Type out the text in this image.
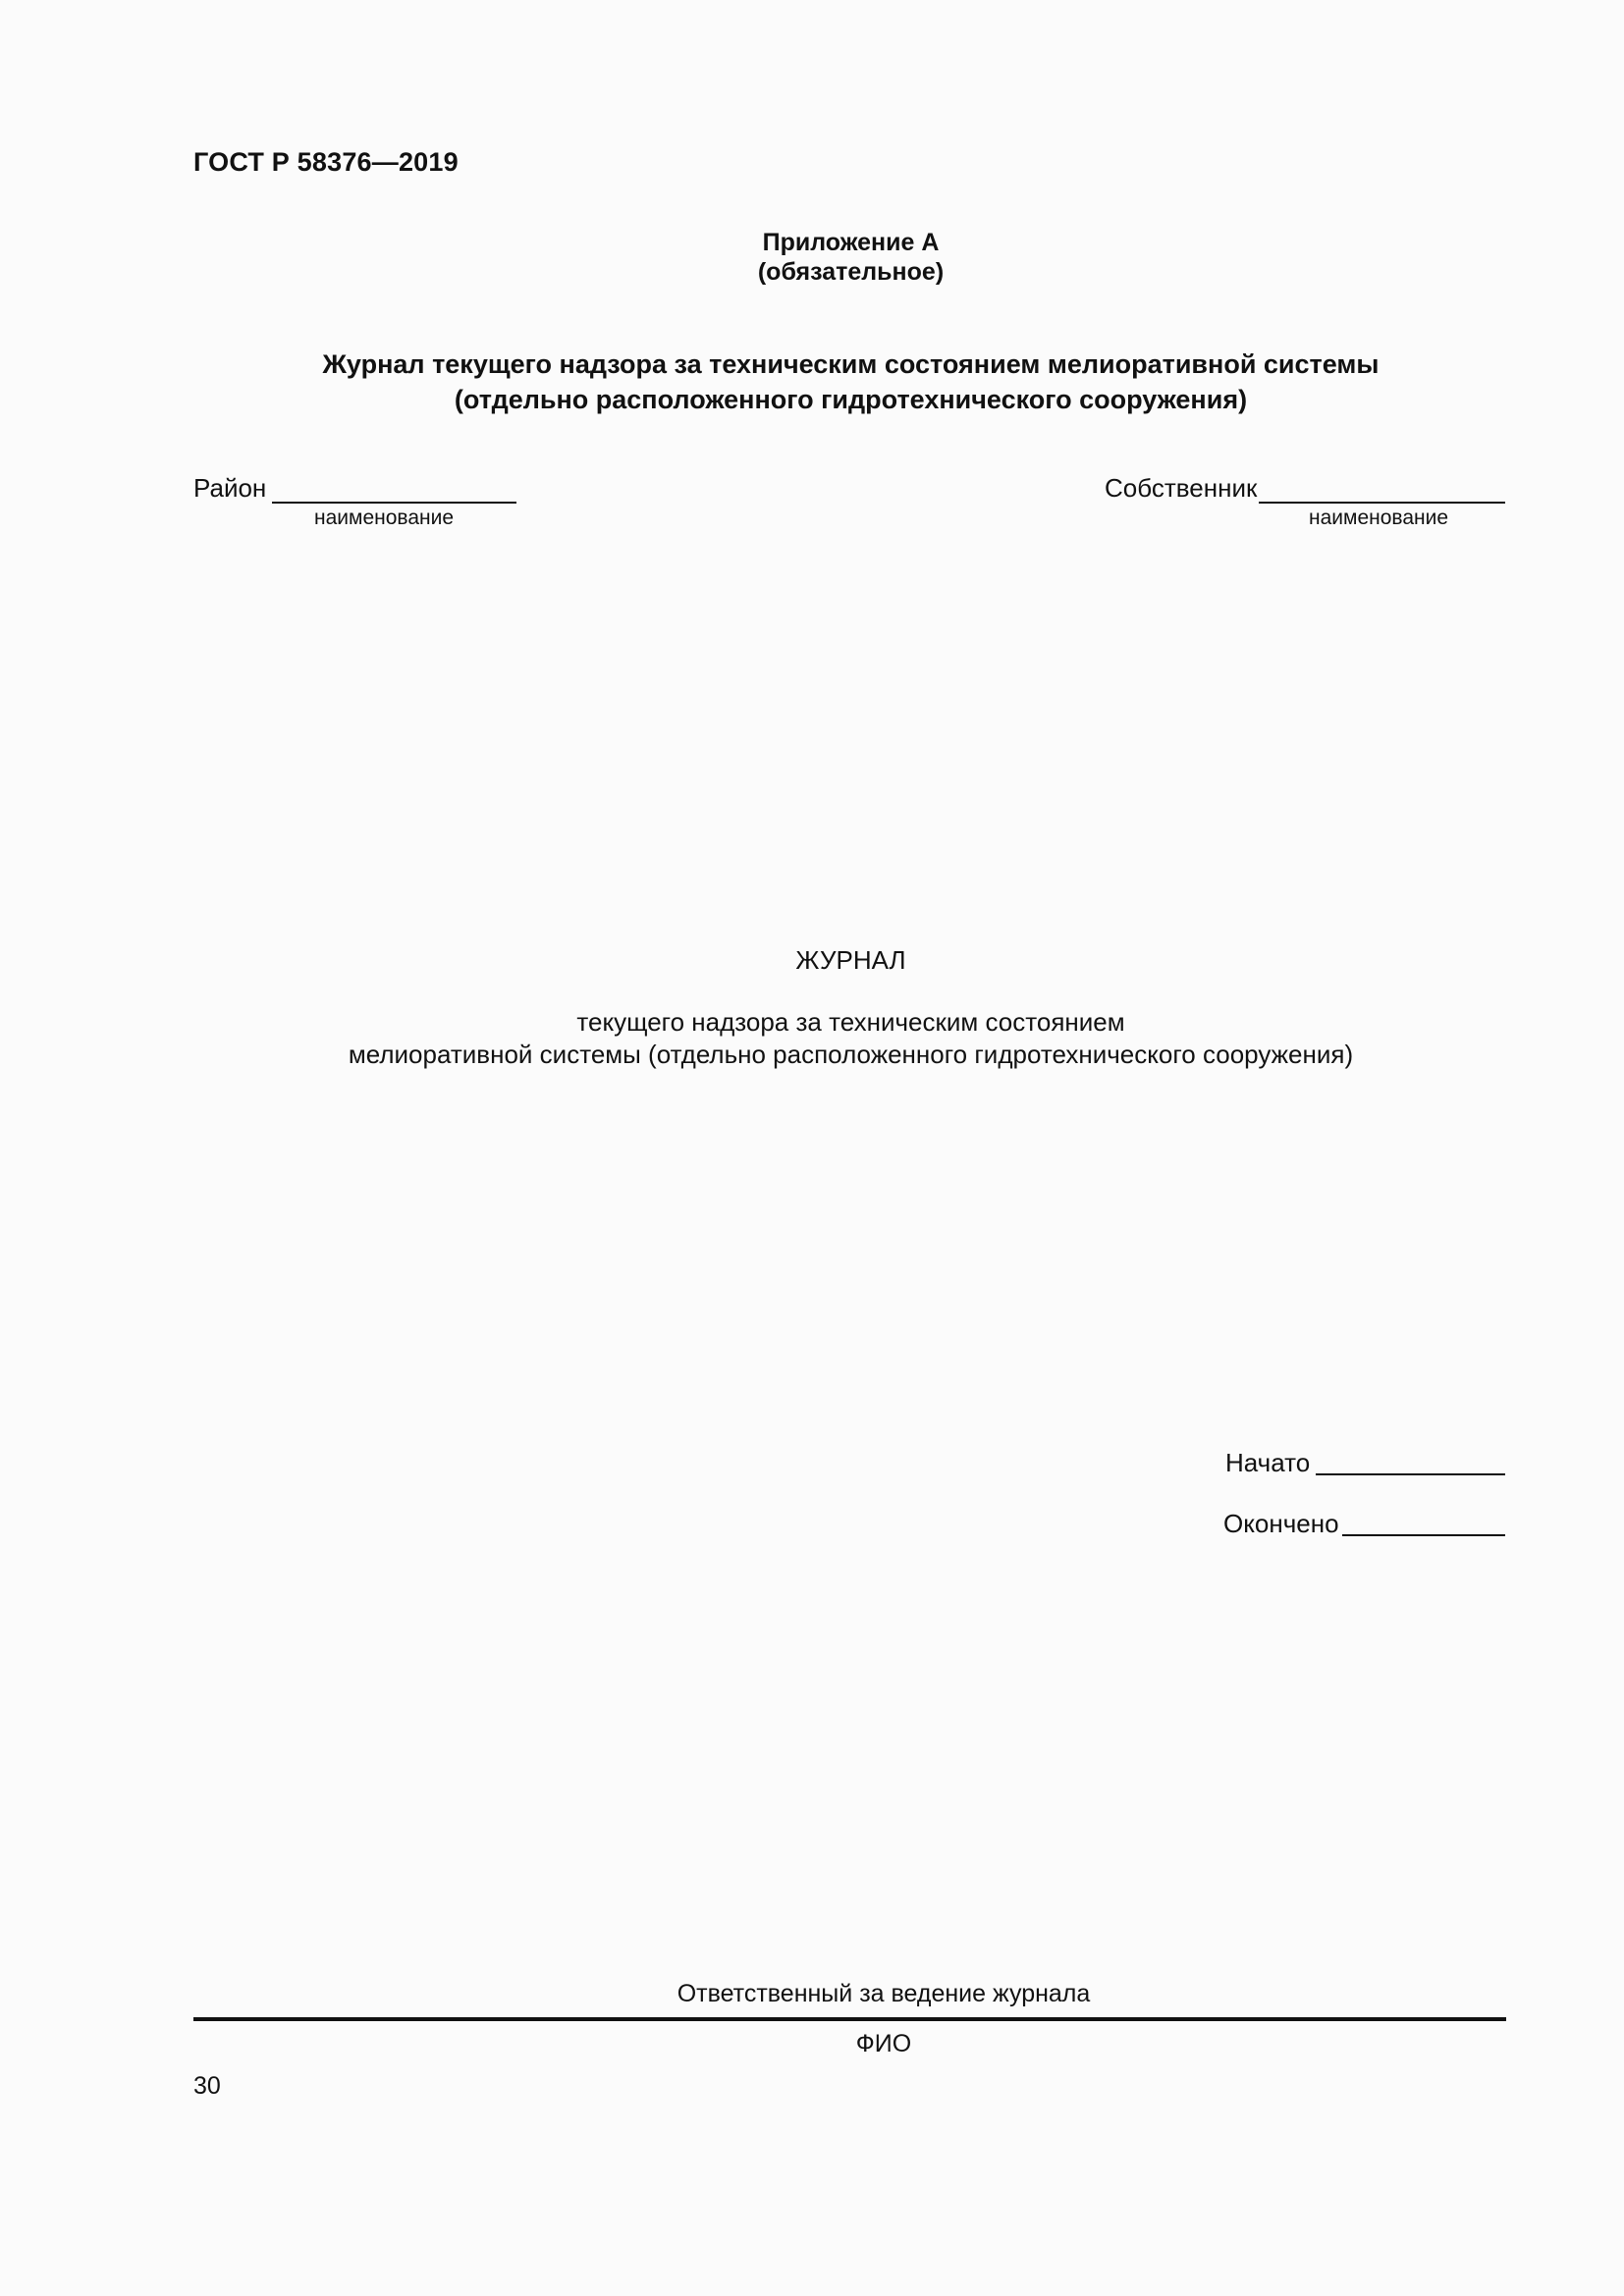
ГОСТ Р 58376—2019
Приложение А
(обязательное)
Журнал текущего надзора за техническим состоянием мелиоративной системы
(отдельно расположенного гидротехнического сооружения)
Район
наименование
Собственник
наименование
ЖУРНАЛ
текущего надзора за техническим состоянием
мелиоративной системы (отдельно расположенного гидротехнического сооружения)
Начато
Окончено
Ответственный за ведение журнала
ФИО
30
